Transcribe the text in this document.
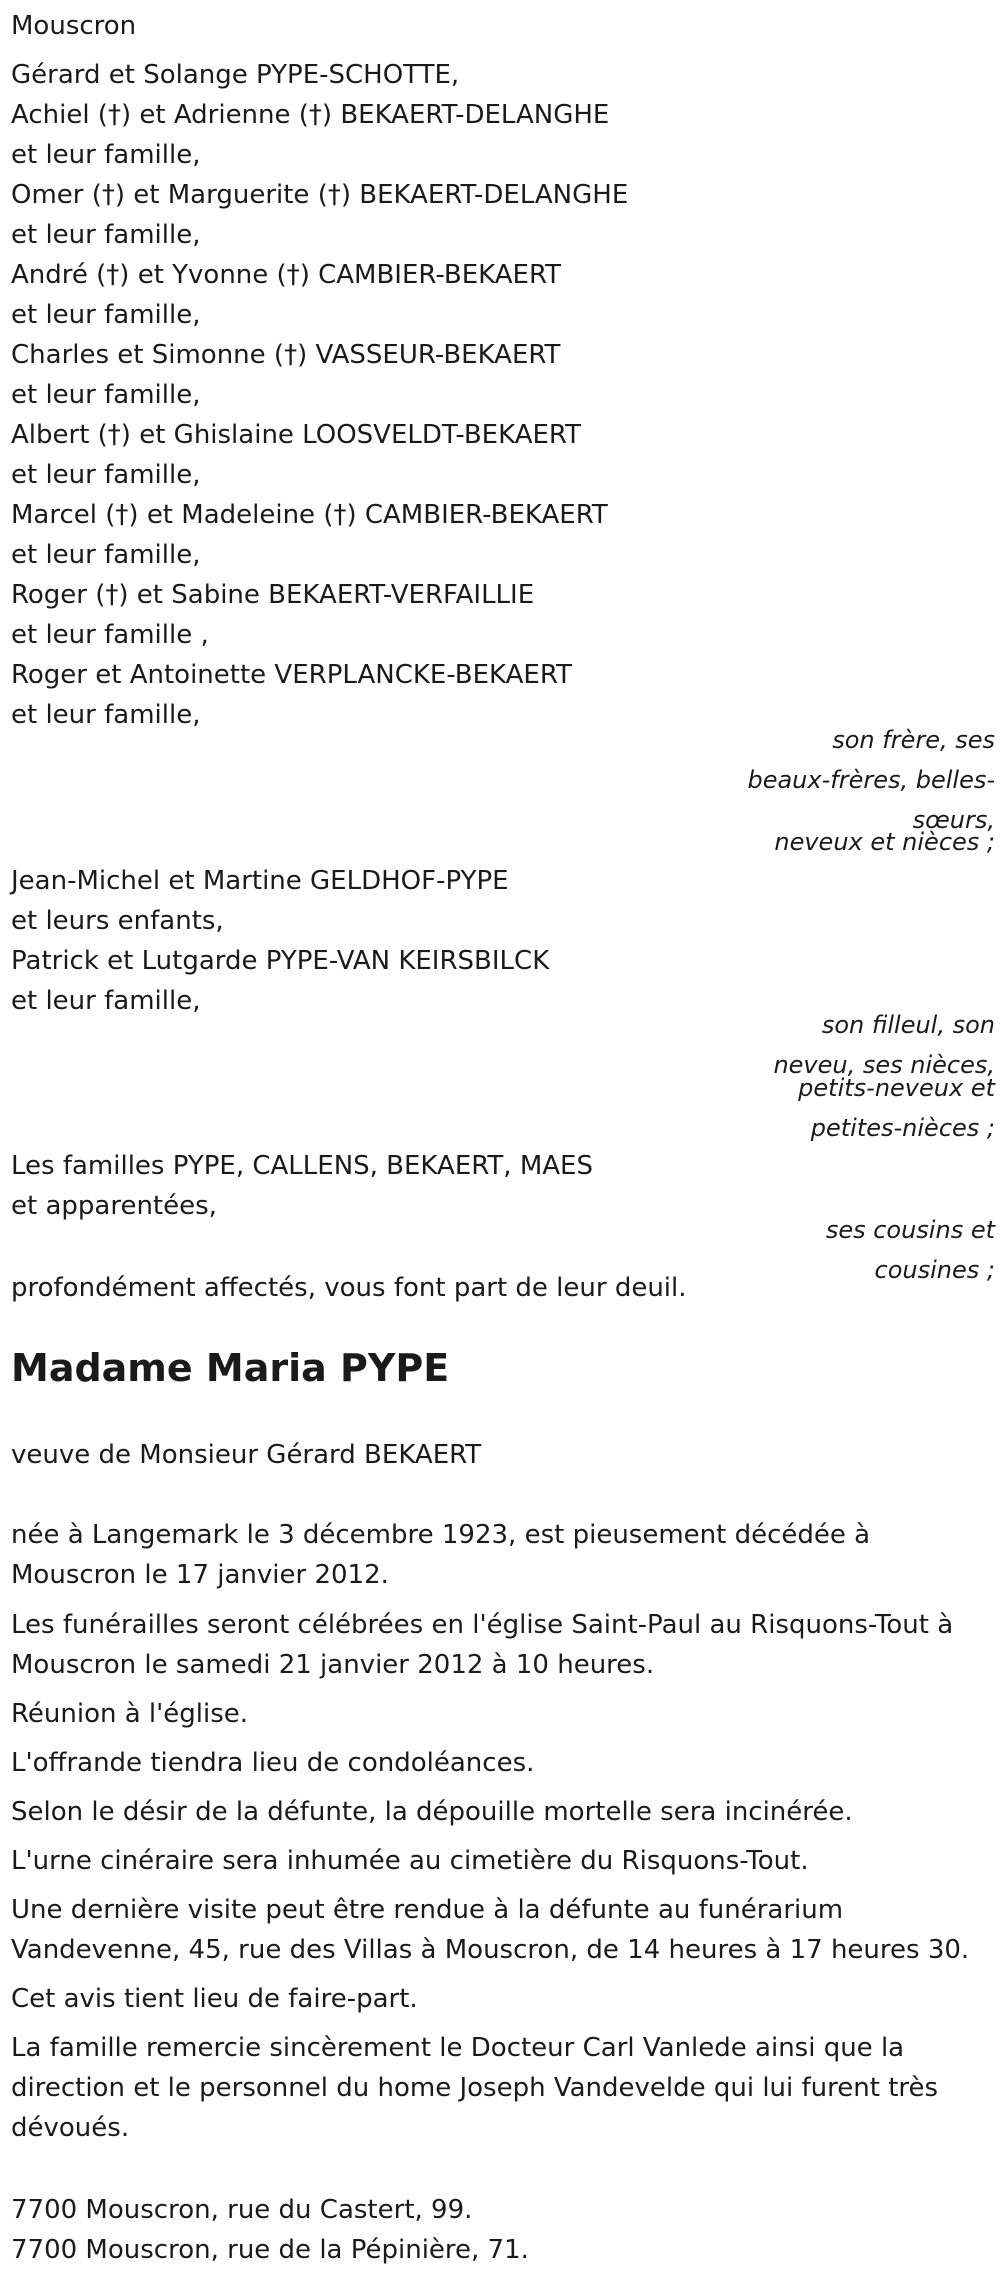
Mouscron
Gérard et Solange PYPE-SCHOTTE,
Achiel (†) et Adrienne (†) BEKAERT-DELANGHE
et leur famille,
Omer (†) et Marguerite (†) BEKAERT-DELANGHE
et leur famille,
André (†) et Yvonne (†) CAMBIER-BEKAERT
et leur famille,
Charles et Simonne (†) VASSEUR-BEKAERT
et leur famille,
Albert (†) et Ghislaine LOOSVELDT-BEKAERT
et leur famille,
Marcel (†) et Madeleine (†) CAMBIER-BEKAERT
et leur famille,
Roger (†) et Sabine BEKAERT-VERFAILLIE
et leur famille ,
Roger et Antoinette VERPLANCKE-BEKAERT
et leur famille,
son frère, ses
beaux-frères, belles-
sœurs,
neveux et nièces ;
Jean-Michel et Martine GELDHOF-PYPE
et leurs enfants,
Patrick et Lutgarde PYPE-VAN KEIRSBILCK
et leur famille,
son filleul, son
neveu, ses nièces,
petits-neveux et
petites-nièces ;
Les familles PYPE, CALLENS, BEKAERT, MAES
et apparentées,
ses cousins et
cousines ;
profondément affectés, vous font part de leur deuil.
Madame Maria PYPE
veuve de Monsieur Gérard BEKAERT
née à Langemark le 3 décembre 1923, est pieusement décédée à Mouscron le 17 janvier 2012.
Les funérailles seront célébrées en l'église Saint-Paul au Risquons-Tout à Mouscron le samedi 21 janvier 2012 à 10 heures.
Réunion à l'église.
L'offrande tiendra lieu de condoléances.
Selon le désir de la défunte, la dépouille mortelle sera incinérée.
L'urne cinéraire sera inhumée au cimetière du Risquons-Tout.
Une dernière visite peut être rendue à la défunte au funérarium Vandevenne, 45, rue des Villas à Mouscron, de 14 heures à 17 heures 30.
Cet avis tient lieu de faire-part.
La famille remercie sincèrement le Docteur Carl Vanlede ainsi que la direction et le personnel du home Joseph Vandevelde qui lui furent très dévoués.
7700 Mouscron, rue du Castert, 99.
7700 Mouscron, rue de la Pépinière, 71.
